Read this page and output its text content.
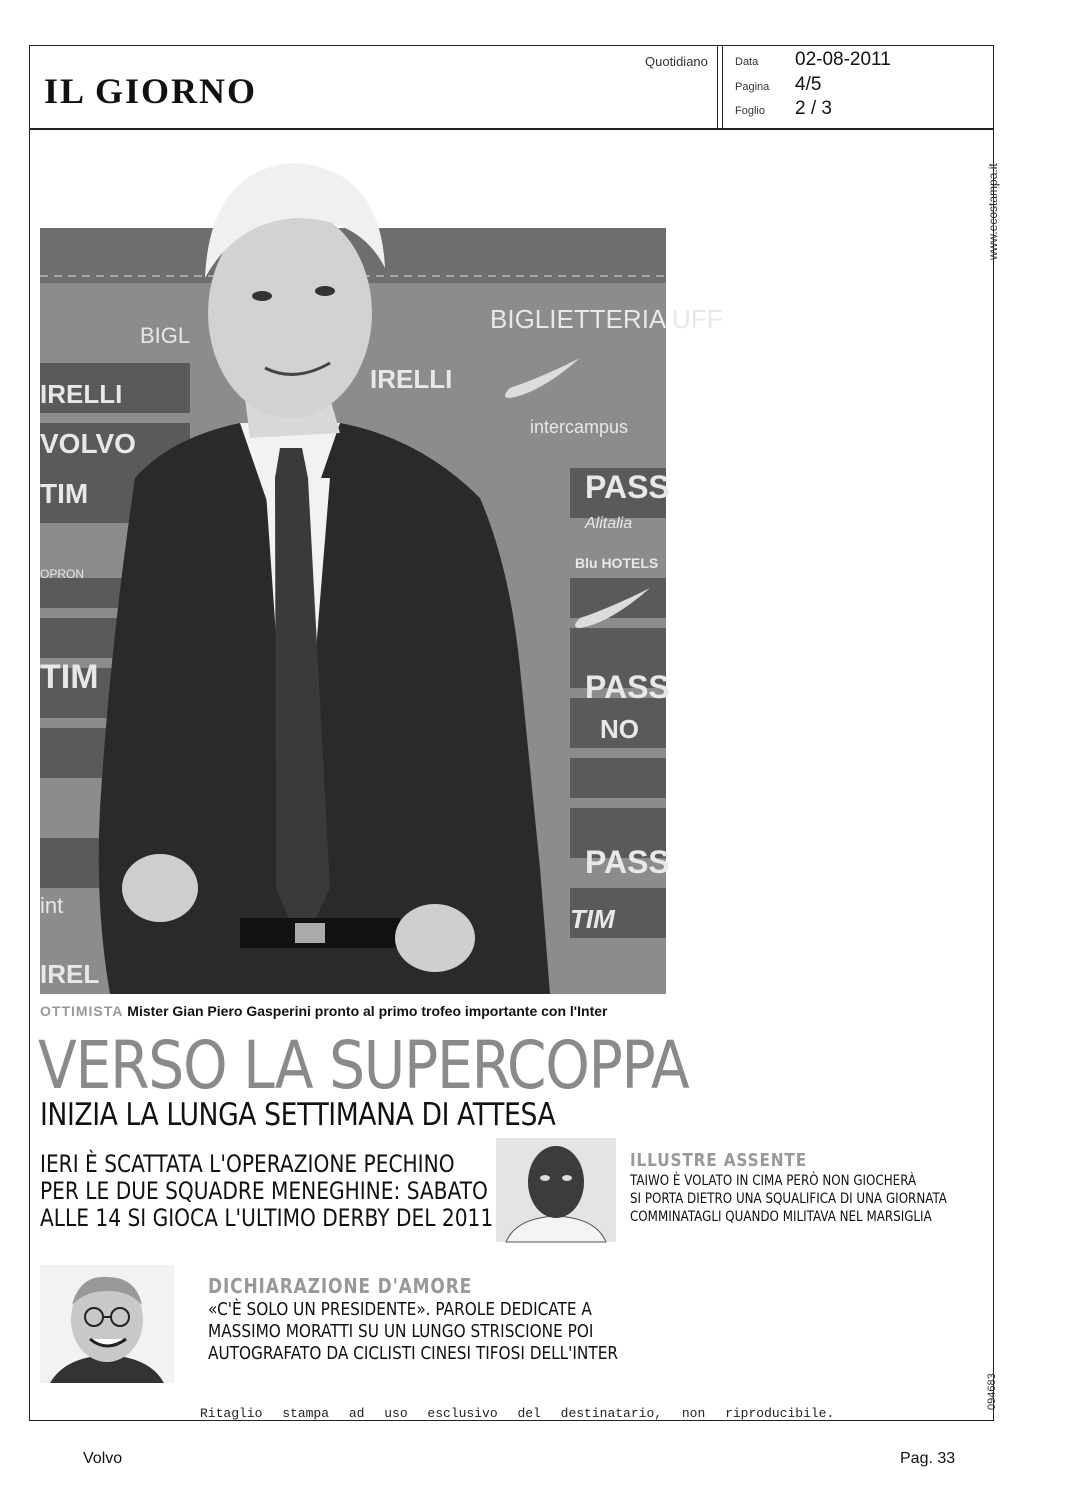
IL GIORNO
Quotidiano Data 02-08-2011
Pagina 4/5
Foglio 2 / 3
www.ecostampa.it
094683
BIGLIETTERIA UFF
BIGL
IRELLI	IRELLI
VOLVO
intercampus
TIM	PASS
Alitalia
Blu HOTELS
OPRON
PASS
TIM
NO
PASS
TIM
int
IREL
OTTIMISTA Mister Gian Piero Gasperini pronto al primo trofeo importante con l'Inter
VERSO LA SUPERCOPPA
INIZIA LA LUNGA SETTIMANA DI ATTESA
IERI È SCATTATA L'OPERAZIONE PECHINO
PER LE DUE SQUADRE MENEGHINE: SABATO
ALLE 14 SI GIOCA L'ULTIMO DERBY DEL 2011
ILLUSTRE ASSENTE
TAIWO È VOLATO IN CIMA PERÒ NON GIOCHERÀ
SI PORTA DIETRO UNA SQUALIFICA DI UNA GIORNATA
COMMINATAGLI QUANDO MILITAVA NEL MARSIGLIA
DICHIARAZIONE D'AMORE
«C'È SOLO UN PRESIDENTE». PAROLE DEDICATE A
MASSIMO MORATTI SU UN LUNGO STRISCIONE POI
AUTOGRAFATO DA CICLISTI CINESI TIFOSI DELL'INTER
Ritaglio stampa ad uso esclusivo del destinatario, non riproducibile.
Volvo	Pag. 33
